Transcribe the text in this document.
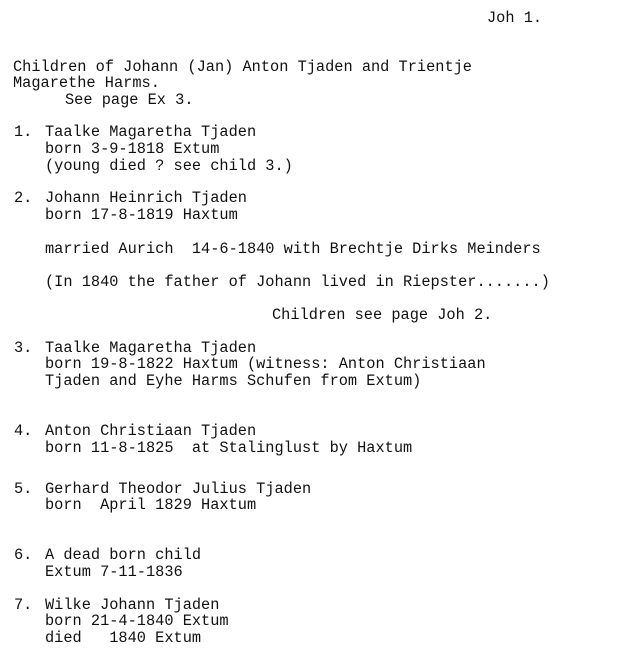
Joh 1.
Children of Johann (Jan) Anton Tjaden and Trientje
Magarethe Harms.
See page Ex 3.
1. Taalke Magaretha Tjaden
born 3-9-1818 Extum
(young died ? see child 3.)
2. Johann Heinrich Tjaden
born 17-8-1819 Haxtum
married Aurich  14-6-1840 with Brechtje Dirks Meinders
(In 1840 the father of Johann lived in Riepster.......)
Children see page Joh 2.
3. Taalke Magaretha Tjaden
born 19-8-1822 Haxtum (witness: Anton Christiaan
Tjaden and Eyhe Harms Schufen from Extum)
4. Anton Christiaan Tjaden
born 11-8-1825  at Stalinglust by Haxtum
5. Gerhard Theodor Julius Tjaden
born  April 1829 Haxtum
6. A dead born child
Extum 7-11-1836
7. Wilke Johann Tjaden
born 21-4-1840 Extum
died   1840 Extum
